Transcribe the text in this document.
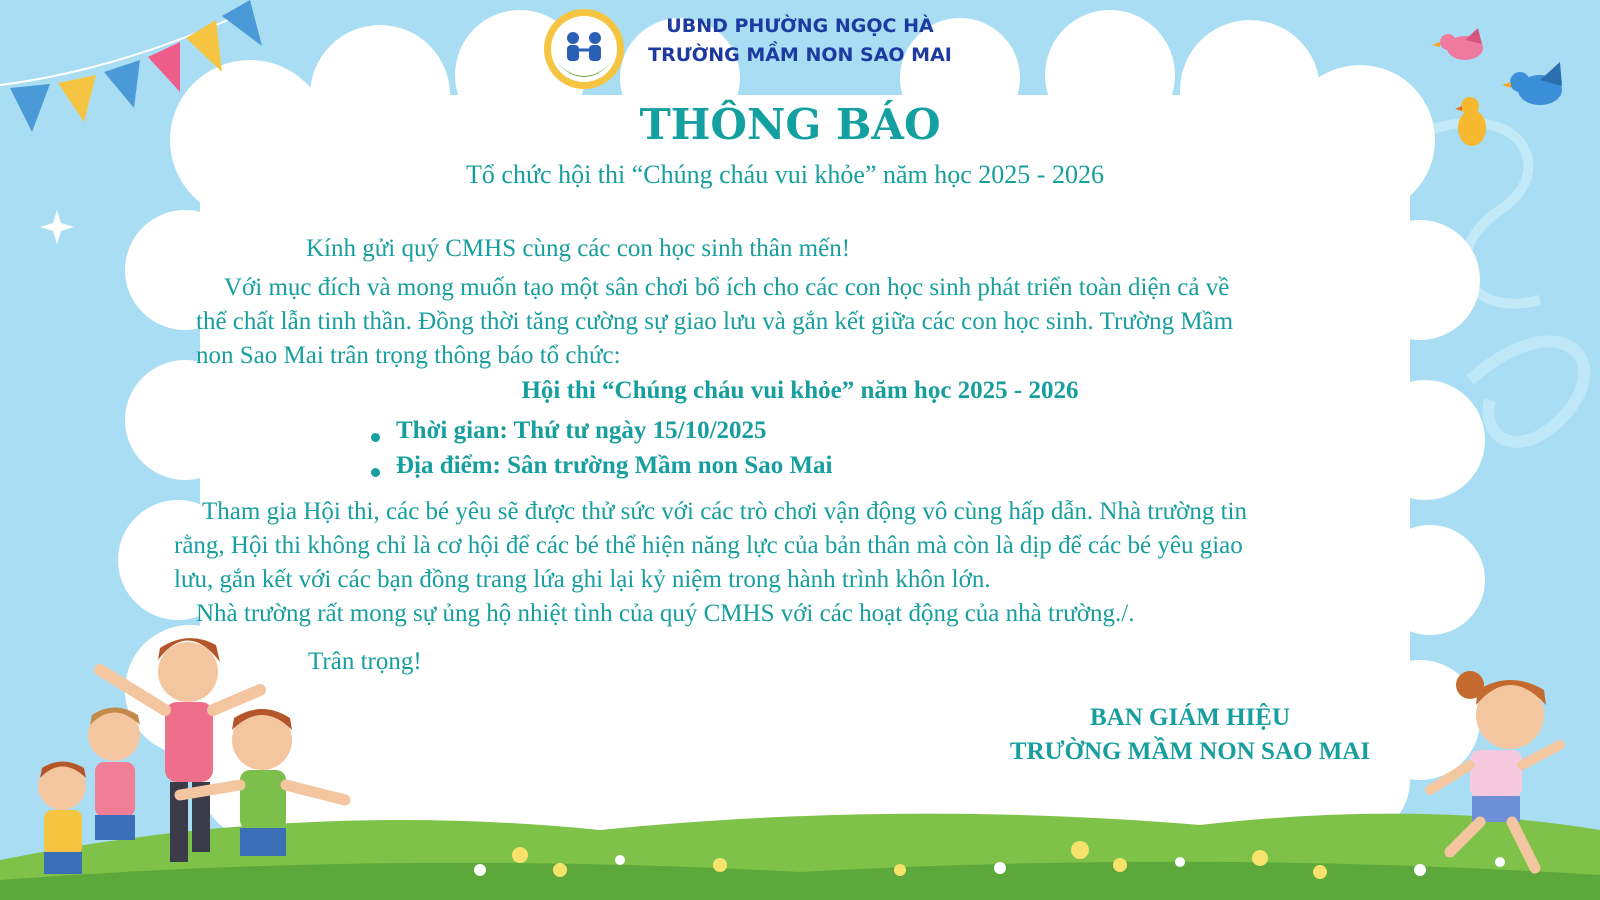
UBND PHƯỜNG NGỌC HÀ
TRƯỜNG MẦM NON SAO MAI
THÔNG BÁO
Tổ chức hội thi “Chúng cháu vui khỏe” năm học 2025 - 2026
Kính gửi quý CMHS cùng các con học sinh thân mến!
Với mục đích và mong muốn tạo một sân chơi bổ ích cho các con học sinh phát triển toàn diện cả về
thể chất lẫn tinh thần. Đồng thời tăng cường sự giao lưu và gắn kết giữa các con học sinh. Trường Mầm
non Sao Mai trân trọng thông báo tổ chức:
Hội thi “Chúng cháu vui khỏe” năm học 2025 - 2026
Thời gian: Thứ tư ngày 15/10/2025
Địa điểm: Sân trường Mầm non Sao Mai
Tham gia Hội thi, các bé yêu sẽ được thử sức với các trò chơi vận động vô cùng hấp dẫn. Nhà trường tin
rằng, Hội thi không chỉ là cơ hội để các bé thể hiện năng lực của bản thân mà còn là dịp để các bé yêu giao
lưu, gắn kết với các bạn đồng trang lứa ghi lại kỷ niệm trong hành trình khôn lớn.
Nhà trường rất mong sự ủng hộ nhiệt tình của quý CMHS với các hoạt động của nhà trường./.
Trân trọng!
BAN GIÁM HIỆU
TRƯỜNG MẦM NON SAO MAI
